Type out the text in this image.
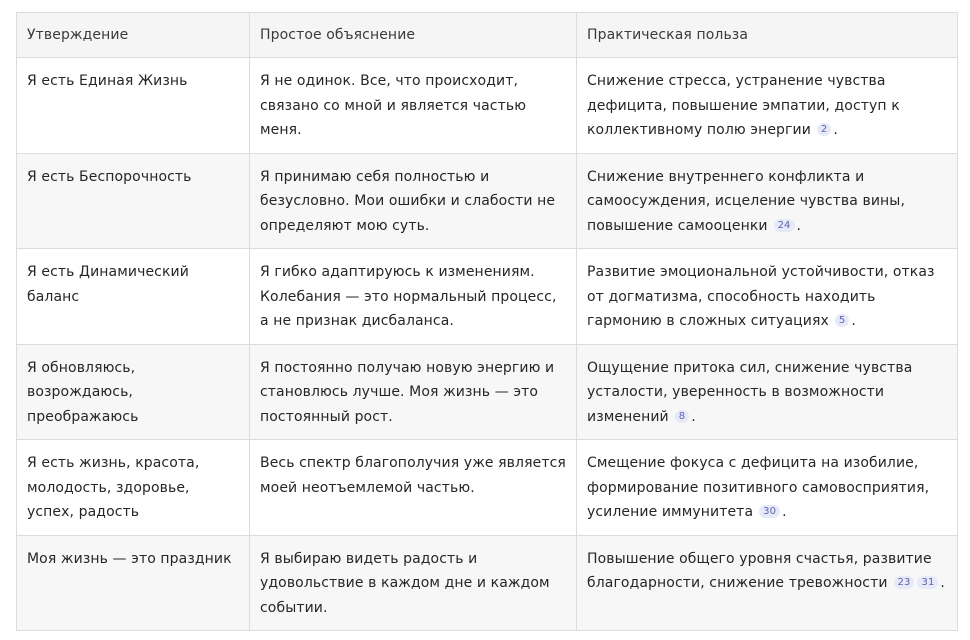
Утверждение	Простое объяснение	Практическая польза
Я есть Единая Жизнь	Я не одинок. Все, что происходит, связано со мной и является частью меня.	Снижение стресса, устранение чувства дефицита, повышение эмпатии, доступ к коллективному полю энергии 2 .
Я есть Беспорочность	Я принимаю себя полностью и безусловно. Мои ошибки и слабости не определяют мою суть.	Снижение внутреннего конфликта и самоосуждения, исцеление чувства вины, повышение самооценки 24 .
Я есть Динамический баланс	Я гибко адаптируюсь к изменениям. Колебания — это нормальный процесс, а не признак дисбаланса.	Развитие эмоциональной устойчивости, отказ от догматизма, способность находить гармонию в сложных ситуациях 5 .
Я обновляюсь, возрождаюсь, преображаюсь	Я постоянно получаю новую энергию и становлюсь лучше. Моя жизнь — это постоянный рост.	Ощущение притока сил, снижение чувства усталости, уверенность в возможности изменений 8 .
Я есть жизнь, красота, молодость, здоровье, успех, радость	Весь спектр благополучия уже является моей неотъемлемой частью.	Смещение фокуса с дефицита на изобилие, формирование позитивного самовосприятия, усиление иммунитета 30 .
Моя жизнь — это праздник	Я выбираю видеть радость и удовольствие в каждом дне и каждом событии.	Повышение общего уровня счастья, развитие благодарности, снижение тревожности 23 31 .
